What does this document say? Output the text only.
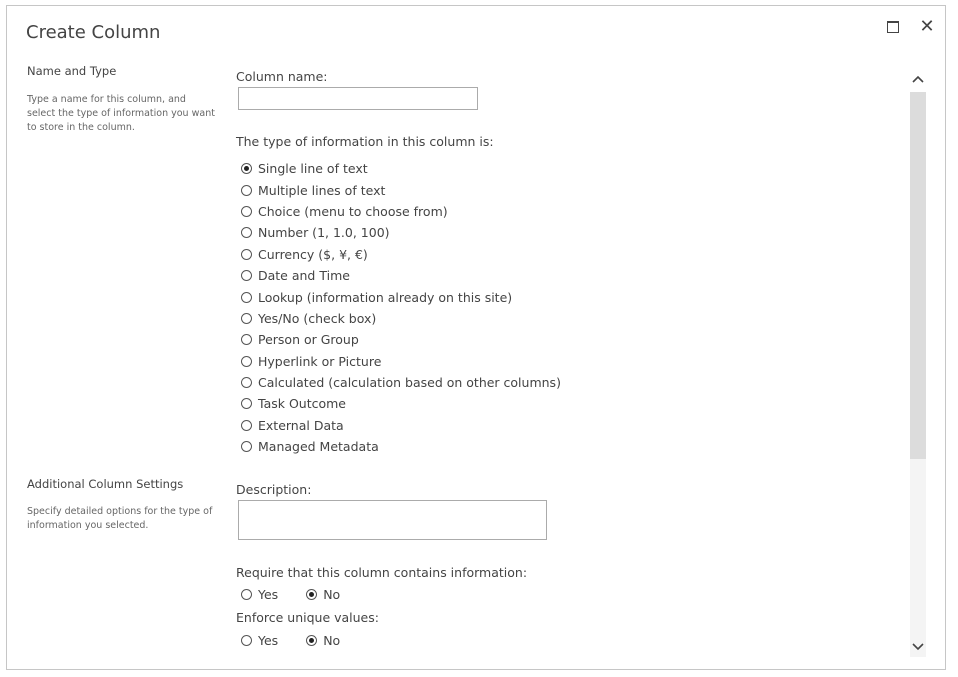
Create Column	✕
Name and Type
Type a name for this column, and select the type of information you want to store in the column.
Column name:
The type of information in this column is:
Single line of text
Multiple lines of text
Choice (menu to choose from)
Number (1, 1.0, 100)
Currency ($, ¥, €)
Date and Time
Lookup (information already on this site)
Yes/No (check box)
Person or Group
Hyperlink or Picture
Calculated (calculation based on other columns)
Task Outcome
External Data
Managed Metadata
Additional Column Settings
Specify detailed options for the type of information you selected.
Description:
Require that this column contains information:
Yes	No
Enforce unique values:
Yes	No
